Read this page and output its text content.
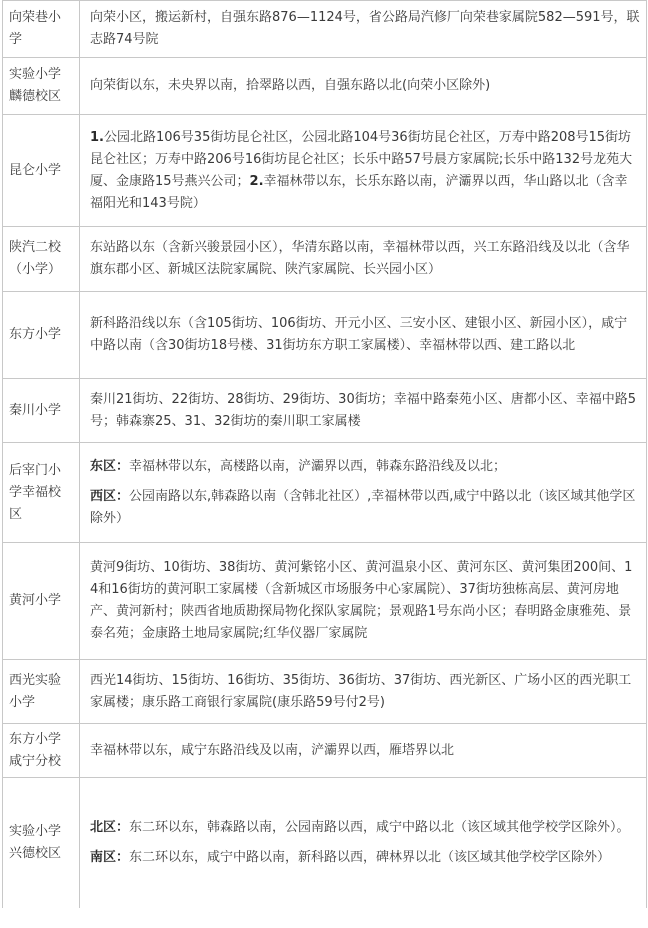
向荣巷小学	向荣小区，搬运新村，自强东路876—1124号，省公路局汽修厂向荣巷家属院582—591号，联志路74号院
实验小学麟德校区	向荣街以东，未央界以南，拾翠路以西，自强东路以北(向荣小区除外)
昆仑小学	1.公园北路106号35街坊昆仑社区，公园北路104号36街坊昆仑社区，万寿中路208号15街坊昆仑社区；万寿中路206号16街坊昆仑社区；长乐中路57号晨方家属院;长乐中路132号龙苑大厦、金康路15号燕兴公司；2.幸福林带以东，长乐东路以南，浐灞界以西，华山路以北（含幸福阳光和143号院）
陕汽二校（小学）	东站路以东（含新兴骏景园小区），华清东路以南，幸福林带以西，兴工东路沿线及以北（含华旗东郡小区、新城区法院家属院、陕汽家属院、长兴园小区）
东方小学	新科路沿线以东（含105街坊、106街坊、开元小区、三安小区、建银小区、新园小区），咸宁中路以南（含30街坊18号楼、31街坊东方职工家属楼）、幸福林带以西、建工路以北
秦川小学	秦川21街坊、22街坊、28街坊、29街坊、30街坊；幸福中路秦苑小区、唐都小区、幸福中路5号；韩森寨25、31、32街坊的秦川职工家属楼
后宰门小学幸福校区	东区：幸福林带以东，高楼路以南，浐灞界以西，韩森东路沿线及以北；

西区：公园南路以东,韩森路以南（含韩北社区）,幸福林带以西,咸宁中路以北（该区域其他学区除外）

黄河小学	黄河9街坊、10街坊、38街坊、黄河紫铭小区、黄河温泉小区、黄河东区、黄河集团200间、14和16街坊的黄河职工家属楼（含新城区市场服务中心家属院）、37街坊独栋高层、黄河房地产、黄河新村；陕西省地质勘探局物化探队家属院；景观路1号东尚小区；春明路金康雅苑、景泰名苑；金康路土地局家属院;红华仪器厂家属院
西光实验小学	西光14街坊、15街坊、16街坊、35街坊、36街坊、37街坊、西光新区、广场小区的西光职工家属楼；康乐路工商银行家属院(康乐路59号付2号)
东方小学咸宁分校	幸福林带以东，咸宁东路沿线及以南，浐灞界以西，雁塔界以北
实验小学兴德校区	北区：东二环以东，韩森路以南，公园南路以西，咸宁中路以北（该区域其他学校学区除外）。

南区：东二环以东，咸宁中路以南，新科路以西，碑林界以北（该区域其他学校学区除外）
